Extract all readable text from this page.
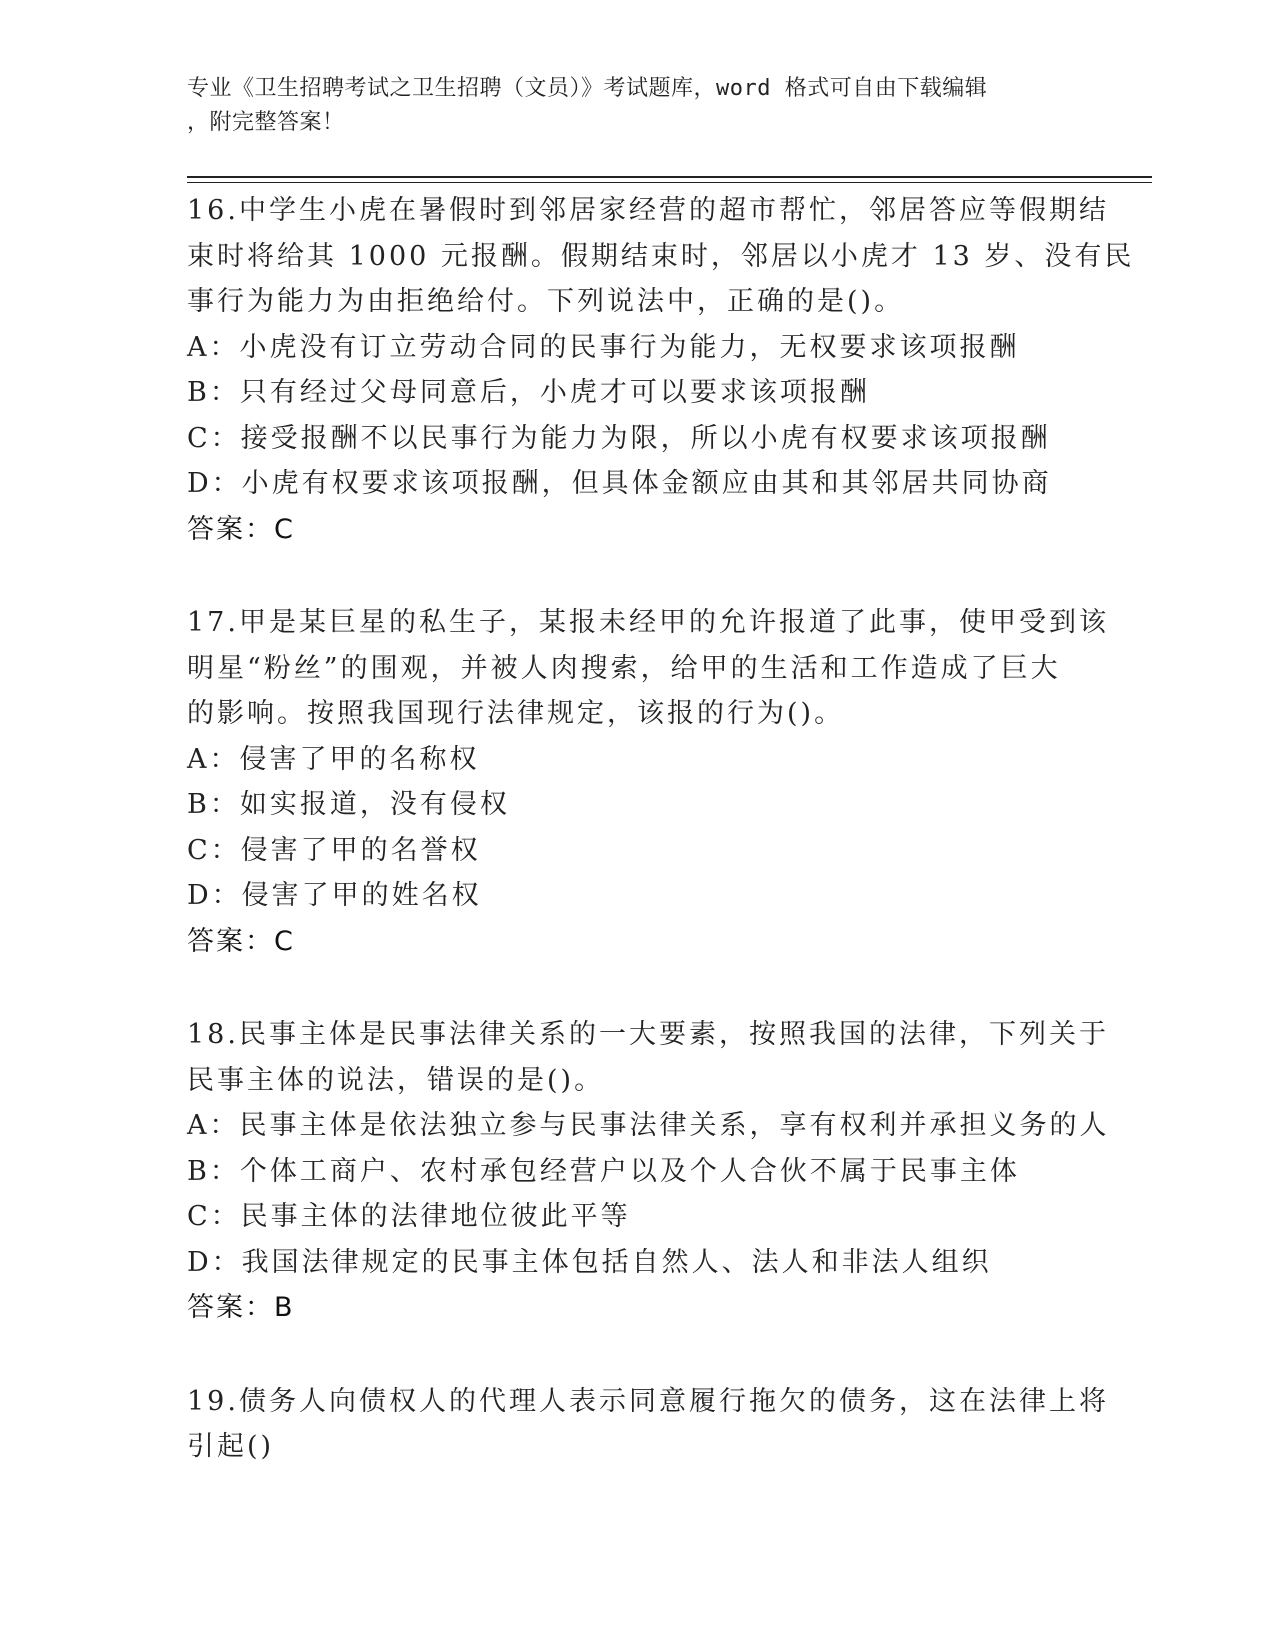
专业《卫生招聘考试之卫生招聘（文员）》考试题库，word 格式可自由下载编辑
，附完整答案！
16.中学生小虎在暑假时到邻居家经营的超市帮忙，邻居答应等假期结
束时将给其 1000 元报酬。假期结束时，邻居以小虎才 13 岁、没有民
事行为能力为由拒绝给付。下列说法中，正确的是()。
A：小虎没有订立劳动合同的民事行为能力，无权要求该项报酬
B：只有经过父母同意后，小虎才可以要求该项报酬
C：接受报酬不以民事行为能力为限，所以小虎有权要求该项报酬
D：小虎有权要求该项报酬，但具体金额应由其和其邻居共同协商
答案：C
17.甲是某巨星的私生子，某报未经甲的允许报道了此事，使甲受到该
明星“粉丝”的围观，并被人肉搜索，给甲的生活和工作造成了巨大
的影响。按照我国现行法律规定，该报的行为()。
A：侵害了甲的名称权
B：如实报道，没有侵权
C：侵害了甲的名誉权
D：侵害了甲的姓名权
答案：C
18.民事主体是民事法律关系的一大要素，按照我国的法律，下列关于
民事主体的说法，错误的是()。
A：民事主体是依法独立参与民事法律关系，享有权利并承担义务的人
B：个体工商户、农村承包经营户以及个人合伙不属于民事主体
C：民事主体的法律地位彼此平等
D：我国法律规定的民事主体包括自然人、法人和非法人组织
答案：B
19.债务人向债权人的代理人表示同意履行拖欠的债务，这在法律上将
引起()
